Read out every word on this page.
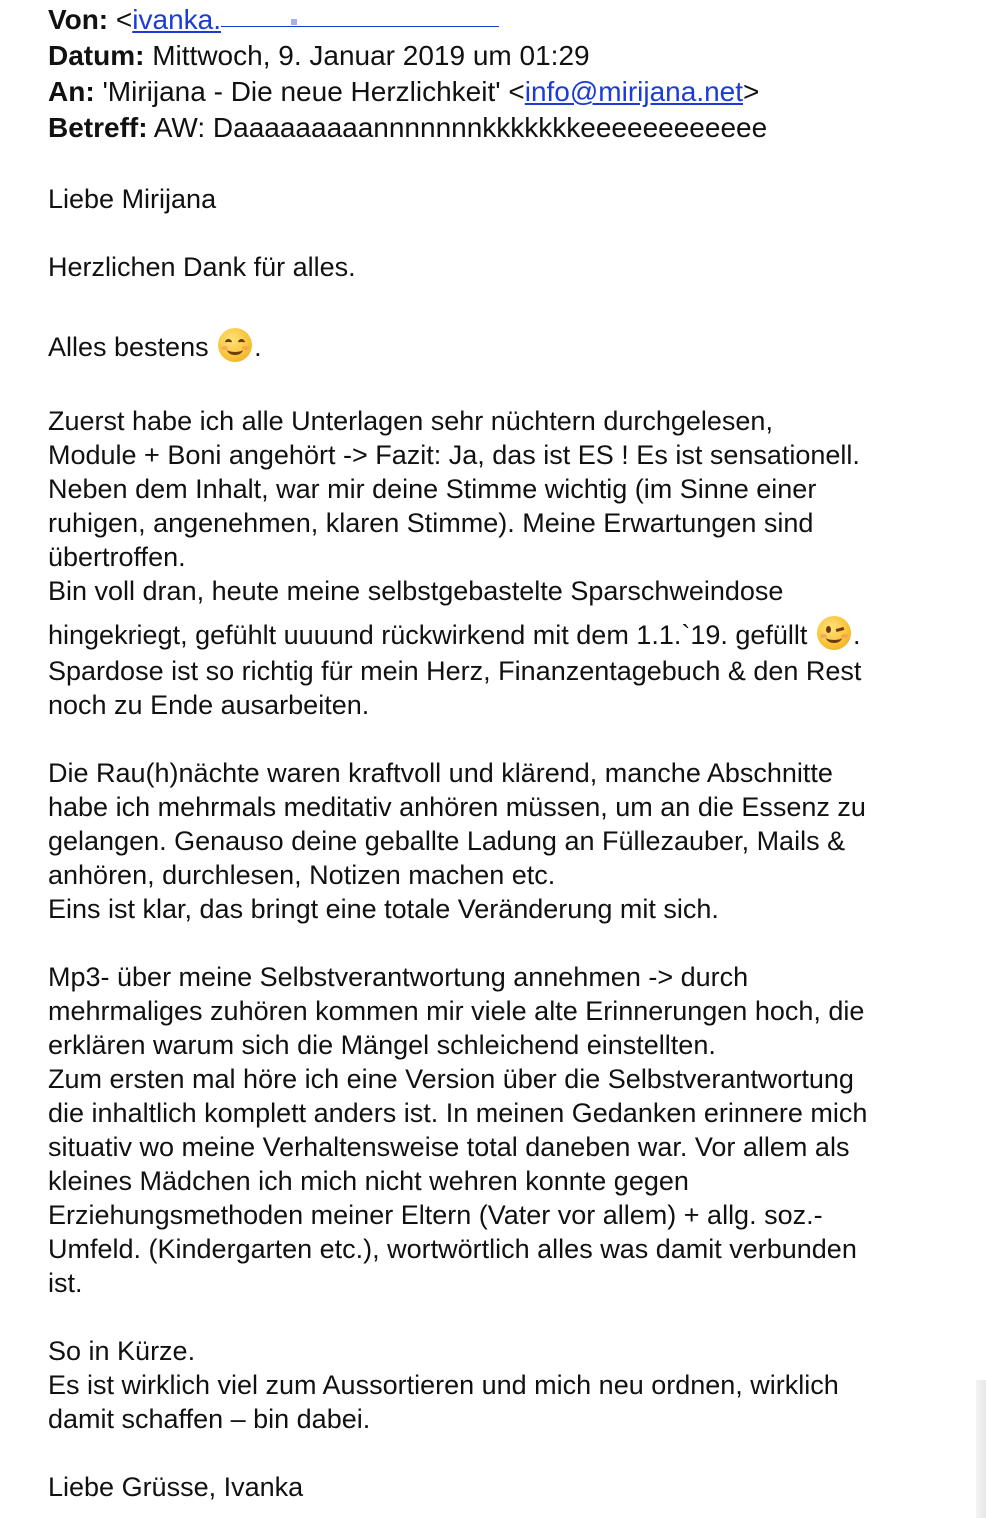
Von: <ivanka.
Datum: Mittwoch, 9. Januar 2019 um 01:29
An: 'Mirijana - Die neue Herzlichkeit' <info@mirijana.net>
Betreff: AW: Daaaaaaaaannnnnnnkkkkkkkeeeeeeeeeeee

Liebe Mirijana

Herzlichen Dank für alles.

Alles bestens .

Zuerst habe ich alle Unterlagen sehr nüchtern durchgelesen,

Module + Boni angehört -> Fazit: Ja, das ist ES ! Es ist sensationell.

Neben dem Inhalt, war mir deine Stimme wichtig (im Sinne einer

ruhigen, angenehmen, klaren Stimme). Meine Erwartungen sind

übertroffen.

Bin voll dran, heute meine selbstgebastelte Sparschweindose

hingekriegt, gefühlt uuuund rückwirkend mit dem 1.1.`19. gefüllt .

Spardose ist so richtig für mein Herz, Finanzentagebuch & den Rest

noch zu Ende ausarbeiten.

Die Rau(h)nächte waren kraftvoll und klärend, manche Abschnitte

habe ich mehrmals meditativ anhören müssen, um an die Essenz zu

gelangen. Genauso deine geballte Ladung an Füllezauber, Mails &

anhören, durchlesen, Notizen machen etc.

Eins ist klar, das bringt eine totale Veränderung mit sich.

Mp3- über meine Selbstverantwortung annehmen -> durch

mehrmaliges zuhören kommen mir viele alte Erinnerungen hoch, die

erklären warum sich die Mängel schleichend einstellten.

Zum ersten mal höre ich eine Version über die Selbstverantwortung

die inhaltlich komplett anders ist. In meinen Gedanken erinnere mich

situativ wo meine Verhaltensweise total daneben war. Vor allem als

kleines Mädchen ich mich nicht wehren konnte gegen

Erziehungsmethoden meiner Eltern (Vater vor allem) + allg. soz.-

Umfeld. (Kindergarten etc.), wortwörtlich alles was damit verbunden

ist.

So in Kürze.

Es ist wirklich viel zum Aussortieren und mich neu ordnen, wirklich

damit schaffen – bin dabei.

Liebe Grüsse, Ivanka
